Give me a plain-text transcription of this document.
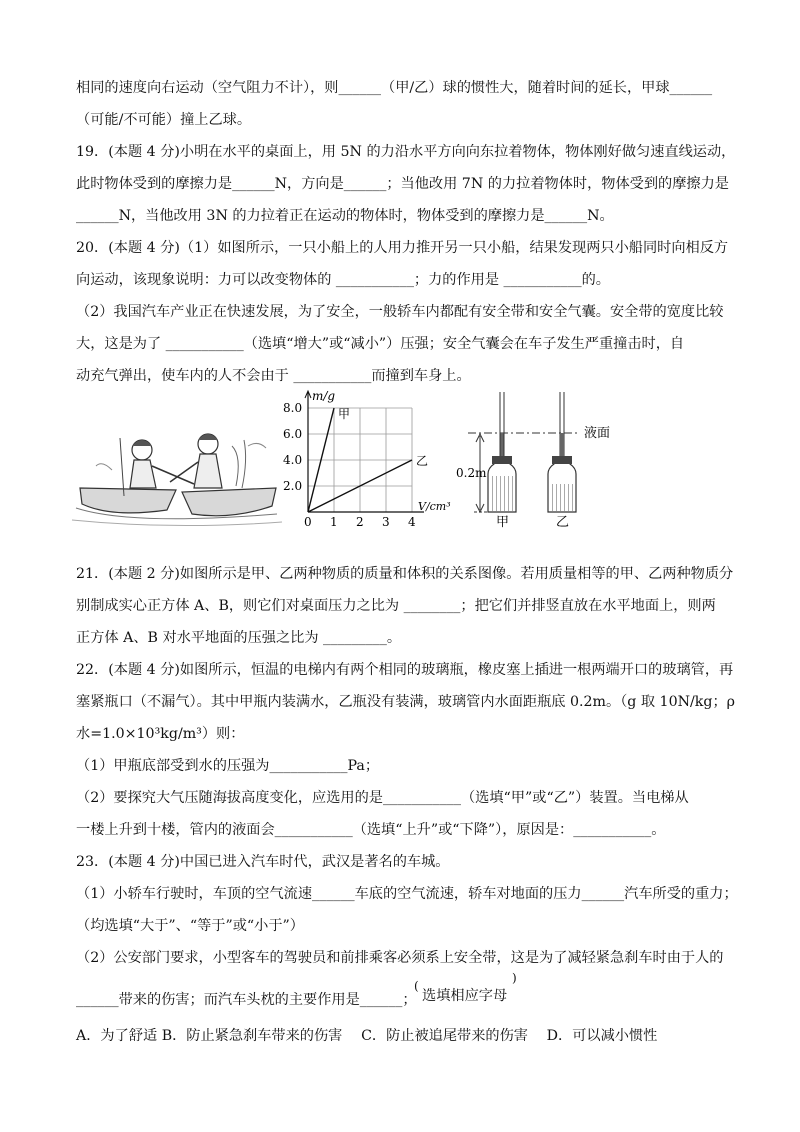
相同的速度向右运动（空气阻力不计），则______（甲/乙）球的惯性大，随着时间的延长，甲球______
（可能/不可能）撞上乙球。
19．(本题 4 分)小明在水平的桌面上，用 5N 的力沿水平方向向东拉着物体，物体刚好做匀速直线运动，
此时物体受到的摩擦力是______N，方向是______；当他改用 7N 的力拉着物体时，物体受到的摩擦力是
______N，当他改用 3N 的力拉着正在运动的物体时，物体受到的摩擦力是______N。
20．(本题 4 分)（1）如图所示，一只小船上的人用力推开另一只小船，结果发现两只小船同时向相反方
向运动，该现象说明：力可以改变物体的 ___________；力的作用是 ___________的。
（2）我国汽车产业正在快速发展，为了安全，一般轿车内都配有安全带和安全气囊。安全带的宽度比较
大，这是为了 ___________（选填“增大”或“减小”）压强；安全气囊会在车子发生严重撞击时，自
动充气弹出，使车内的人不会由于 ___________而撞到车身上。
0 1 2 3 4
2.0
4.0
6.0
8.0
m/g
V/cm³
甲
乙
液面
0.2m
甲	乙
21．(本题 2 分)如图所示是甲、乙两种物质的质量和体积的关系图像。若用质量相等的甲、乙两种物质分
别制成实心正方体 A、B，则它们对桌面压力之比为 ________；把它们并排竖直放在水平地面上，则两
正方体 A、B 对水平地面的压强之比为 _________。
22．(本题 4 分)如图所示，恒温的电梯内有两个相同的玻璃瓶，橡皮塞上插进一根两端开口的玻璃管，再
塞紧瓶口（不漏气）。其中甲瓶内装满水，乙瓶没有装满，玻璃管内水面距瓶底 0.2m。（g 取 10N/kg；ρ
水=1.0×10³kg/m³）则：
（1）甲瓶底部受到水的压强为___________Pa；
（2）要探究大气压随海拔高度变化，应选用的是___________（选填“甲”或“乙”）装置。当电梯从
一楼上升到十楼，管内的液面会___________（选填“上升”或“下降”），原因是：___________。
23．(本题 4 分)中国已进入汽车时代，武汉是著名的车城。
（1）小轿车行驶时，车顶的空气流速______车底的空气流速，轿车对地面的压力______汽车所受的重力；
（均选填“大于”、“等于”或“小于”）
（2）公安部门要求，小型客车的驾驶员和前排乘客必须系上安全带，这是为了减轻紧急刹车时由于人的
______带来的伤害；而汽车头枕的主要作用是______；
(
)
选填相应字母
A．为了舒适 B．防止紧急刹车带来的伤害　 C．防止被追尾带来的伤害　 D．可以减小惯性
